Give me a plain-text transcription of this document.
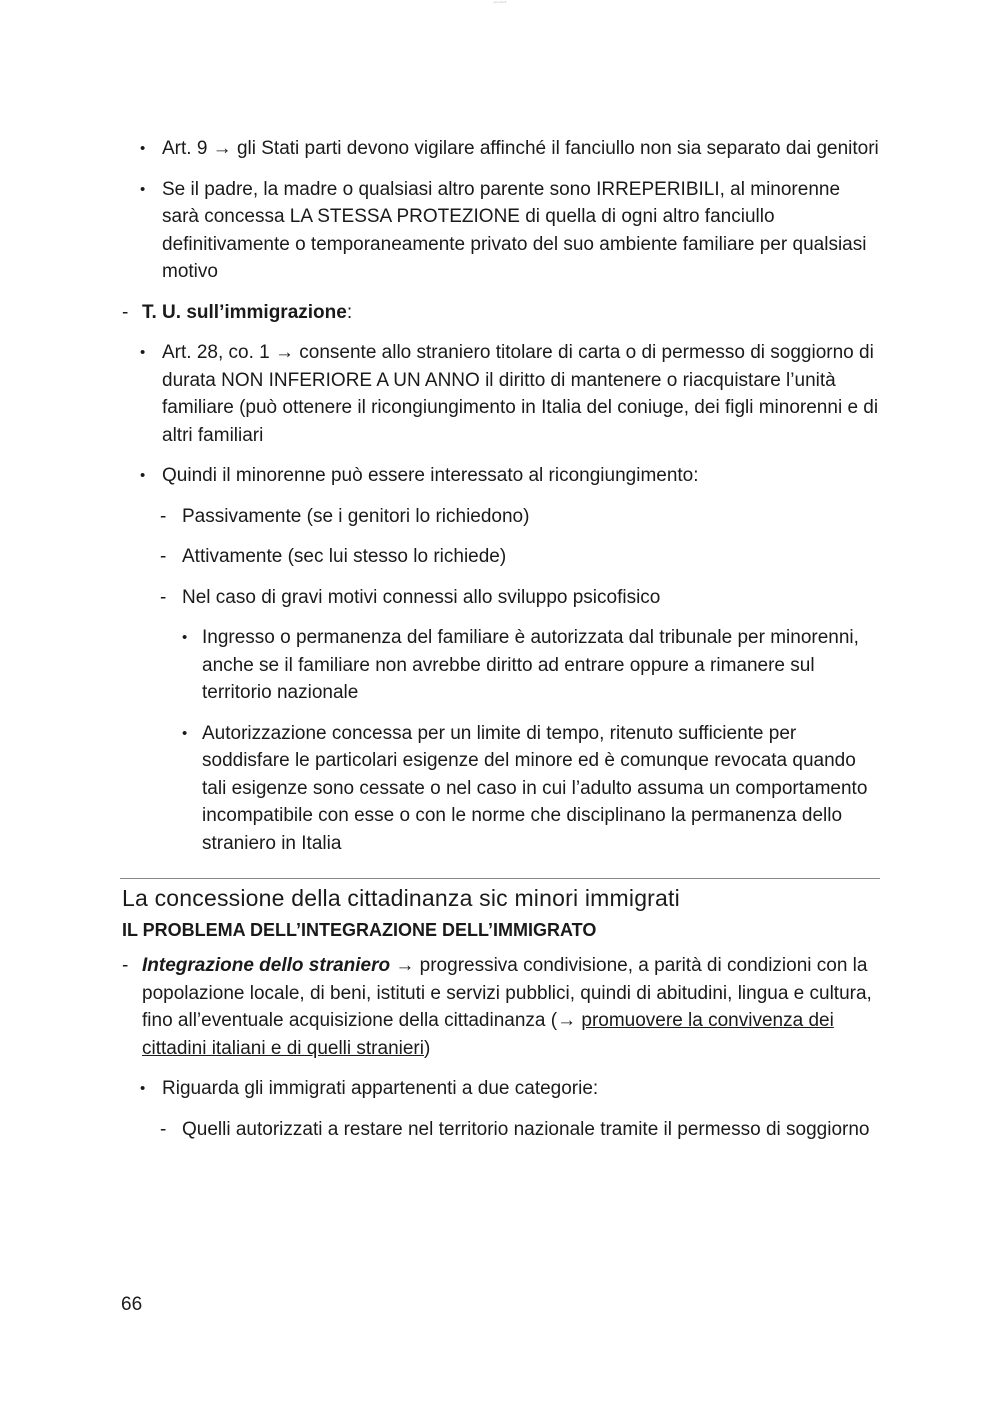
text block
• Art. 9 → gli Stati parti devono vigilare affinché il fanciullo non sia separato dai genitori
• Se il padre, la madre o qualsiasi altro parente sono IRREPERIBILI, al minorenne sarà concessa LA STESSA PROTEZIONE di quella di ogni altro fanciullo definitivamente o temporaneamente privato del suo ambiente familiare per qualsiasi motivo
- T. U. sull’immigrazione:
• Art. 28, co. 1 → consente allo straniero titolare di carta o di permesso di soggiorno di durata NON INFERIORE A UN ANNO il diritto di mantenere o riacquistare l’unità familiare (può ottenere il ricongiungimento in Italia del coniuge, dei figli minorenni e di altri familiari
• Quindi il minorenne può essere interessato al ricongiungimento:
- Passivamente (se i genitori lo richiedono)
- Attivamente (sec lui stesso lo richiede)
- Nel caso di gravi motivi connessi allo sviluppo psicofisico
• Ingresso o permanenza del familiare è autorizzata dal tribunale per minorenni, anche se il familiare non avrebbe diritto ad entrare oppure a rimanere sul territorio nazionale
• Autorizzazione concessa per un limite di tempo, ritenuto sufficiente per soddisfare le particolari esigenze del minore ed è comunque revocata quando tali esigenze sono cessate o nel caso in cui l’adulto assuma un comportamento incompatibile con esse o con le norme che disciplinano la permanenza dello straniero in Italia
La concessione della cittadinanza sic minori immigrati
IL PROBLEMA DELL’INTEGRAZIONE DELL’IMMIGRATO
- Integrazione dello straniero → progressiva condivisione, a parità di condizioni con la popolazione locale, di beni, istituti e servizi pubblici, quindi di abitudini, lingua e cultura, fino all’eventuale acquisizione della cittadinanza (→ promuovere la convivenza dei cittadini italiani e di quelli stranieri)
• Riguarda gli immigrati appartenenti a due categorie:
- Quelli autorizzati a restare nel territorio nazionale tramite il permesso di soggiorno
66
